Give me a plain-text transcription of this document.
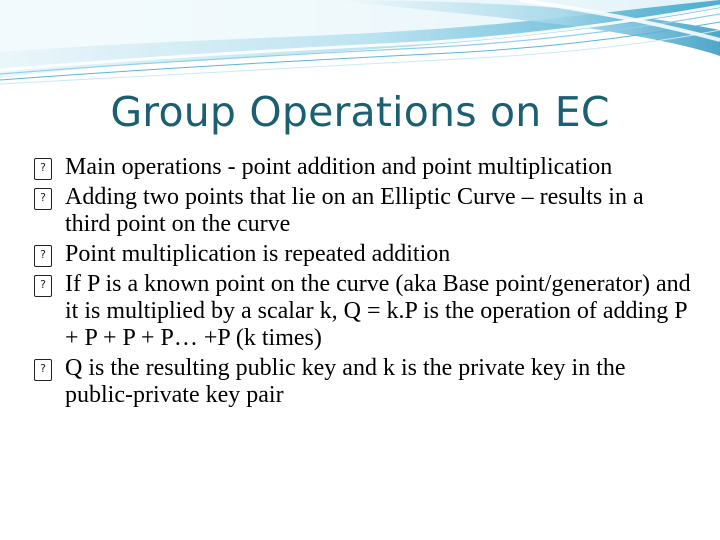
Group Operations on EC
?
Main operations - point addition and point multiplication
?
Adding two points that lie on an Elliptic Curve – results in a third point on the curve
?
Point multiplication is repeated addition
?
If P is a known point on the curve (aka Base point/generator) and it is multiplied by a scalar k, Q = k.P is the operation of adding P + P + P + P… +P (k times)
?
Q is the resulting public key and k is the private key in the public-private key pair
